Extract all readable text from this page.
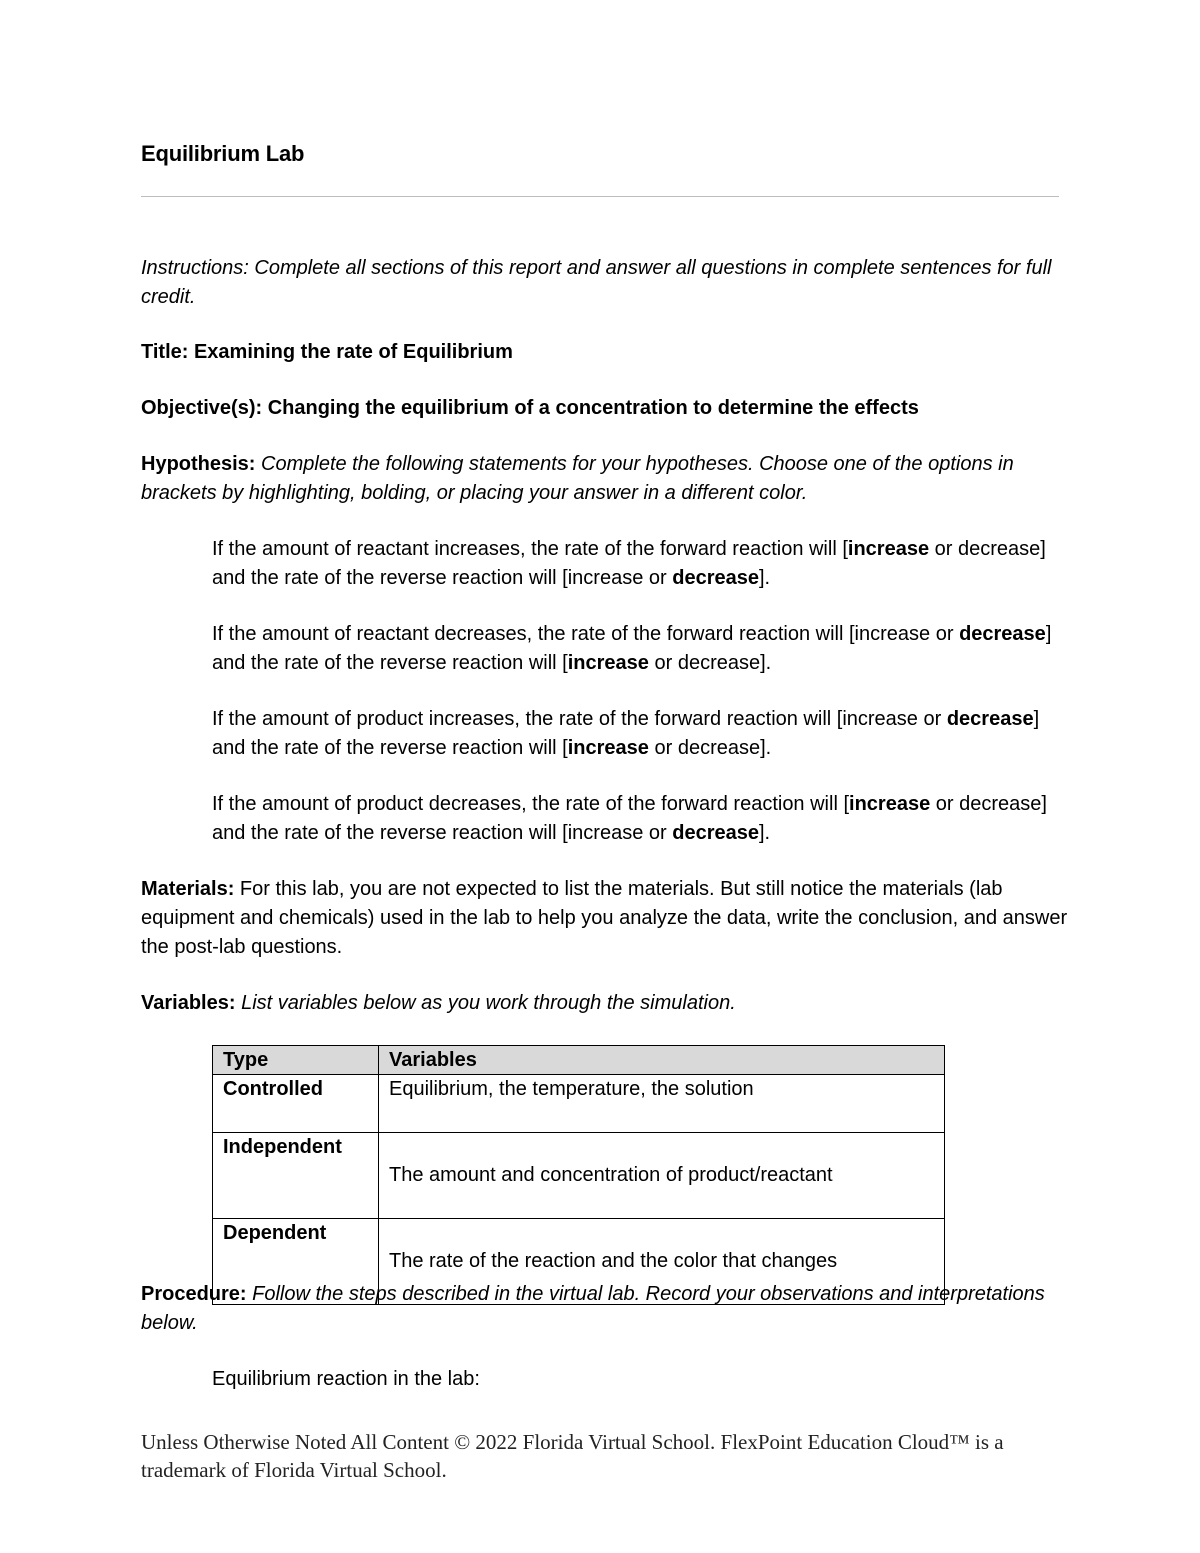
Equilibrium Lab
Instructions: Complete all sections of this report and answer all questions in complete sentences for full credit.
Title: Examining the rate of Equilibrium
Objective(s): Changing the equilibrium of a concentration to determine the effects
Hypothesis: Complete the following statements for your hypotheses. Choose one of the options in brackets by highlighting, bolding, or placing your answer in a different color.
If the amount of reactant increases, the rate of the forward reaction will [increase or decrease] and the rate of the reverse reaction will [increase or decrease].
If the amount of reactant decreases, the rate of the forward reaction will [increase or decrease] and the rate of the reverse reaction will [increase or decrease].
If the amount of product increases, the rate of the forward reaction will [increase or decrease] and the rate of the reverse reaction will [increase or decrease].
If the amount of product decreases, the rate of the forward reaction will [increase or decrease] and the rate of the reverse reaction will [increase or decrease].
Materials: For this lab, you are not expected to list the materials. But still notice the materials (lab equipment and chemicals) used in the lab to help you analyze the data, write the conclusion, and answer the post-lab questions.
Variables: List variables below as you work through the simulation.
Type	Variables
Controlled	Equilibrium, the temperature, the solution
Independent	The amount and concentration of product/reactant
Dependent	The rate of the reaction and the color that changes
Procedure: Follow the steps described in the virtual lab. Record your observations and interpretations below.
Equilibrium reaction in the lab:
Unless Otherwise Noted All Content © 2022 Florida Virtual School. FlexPoint Education Cloud™ is a trademark of Florida Virtual School.
